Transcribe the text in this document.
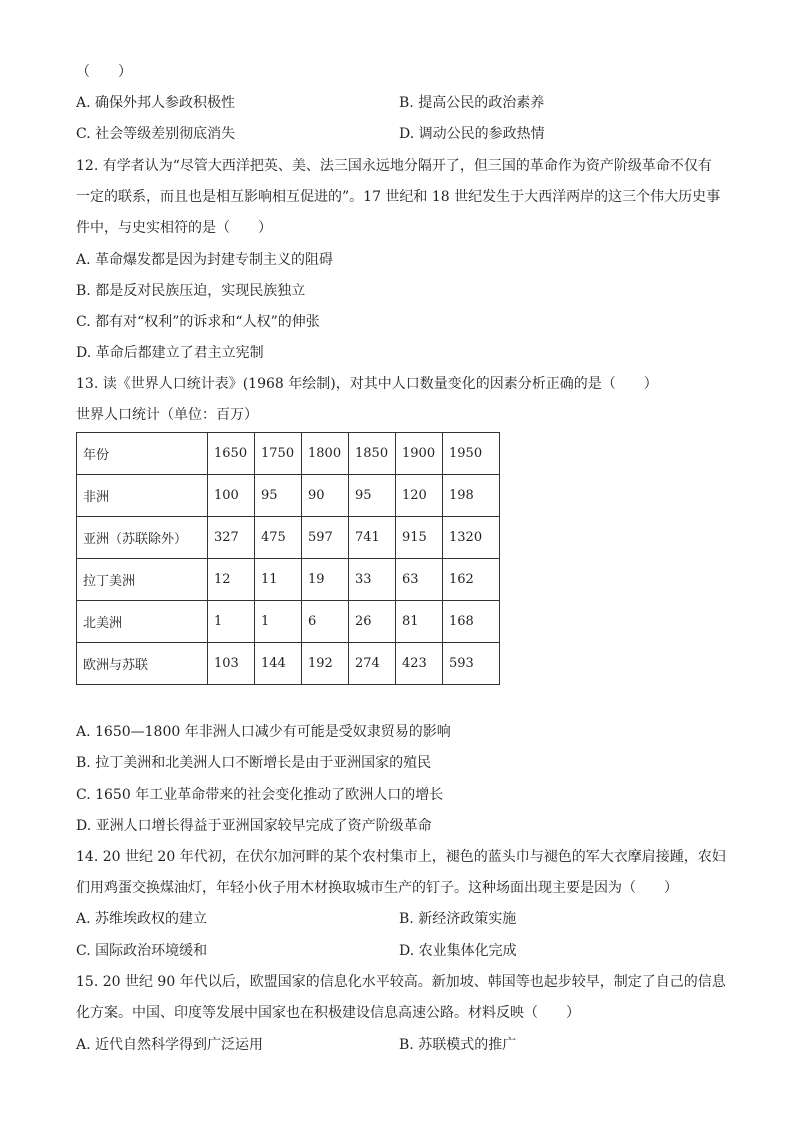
（　　）
A. 确保外邦人参政积极性	B. 提高公民的政治素养
C. 社会等级差别彻底消失	D. 调动公民的参政热情
12. 有学者认为“尽管大西洋把英、美、法三国永远地分隔开了，但三国的革命作为资产阶级革命不仅有
一定的联系，而且也是相互影响相互促进的”。17 世纪和 18 世纪发生于大西洋两岸的这三个伟大历史事
件中，与史实相符的是（　　）
A. 革命爆发都是因为封建专制主义的阻碍
B. 都是反对民族压迫，实现民族独立
C. 都有对“权利”的诉求和“人权”的伸张
D. 革命后都建立了君主立宪制
13. 读《世界人口统计表》(1968 年绘制)，对其中人口数量变化的因素分析正确的是（　　）
世界人口统计（单位：百万）
年份	1650	1750	1800	1850	1900	1950
非洲	100	95	90	95	120	198
亚洲（苏联除外）	327	475	597	741	915	1320
拉丁美洲	12	11	19	33	63	162
北美洲	1	1	6	26	81	168
欧洲与苏联	103	144	192	274	423	593
A. 1650—1800 年非洲人口减少有可能是受奴隶贸易的影响
B. 拉丁美洲和北美洲人口不断增长是由于亚洲国家的殖民
C. 1650 年工业革命带来的社会变化推动了欧洲人口的增长
D. 亚洲人口增长得益于亚洲国家较早完成了资产阶级革命
14. 20 世纪 20 年代初，在伏尔加河畔的某个农村集市上，褪色的蓝头巾与褪色的军大衣摩肩接踵，农妇
们用鸡蛋交换煤油灯，年轻小伙子用木材换取城市生产的钉子。这种场面出现主要是因为（　　）
A. 苏维埃政权的建立	B. 新经济政策实施
C. 国际政治环境缓和	D. 农业集体化完成
15. 20 世纪 90 年代以后，欧盟国家的信息化水平较高。新加坡、韩国等也起步较早，制定了自己的信息
化方案。中国、印度等发展中国家也在积极建设信息高速公路。材料反映（　　）
A. 近代自然科学得到广泛运用	B. 苏联模式的推广
